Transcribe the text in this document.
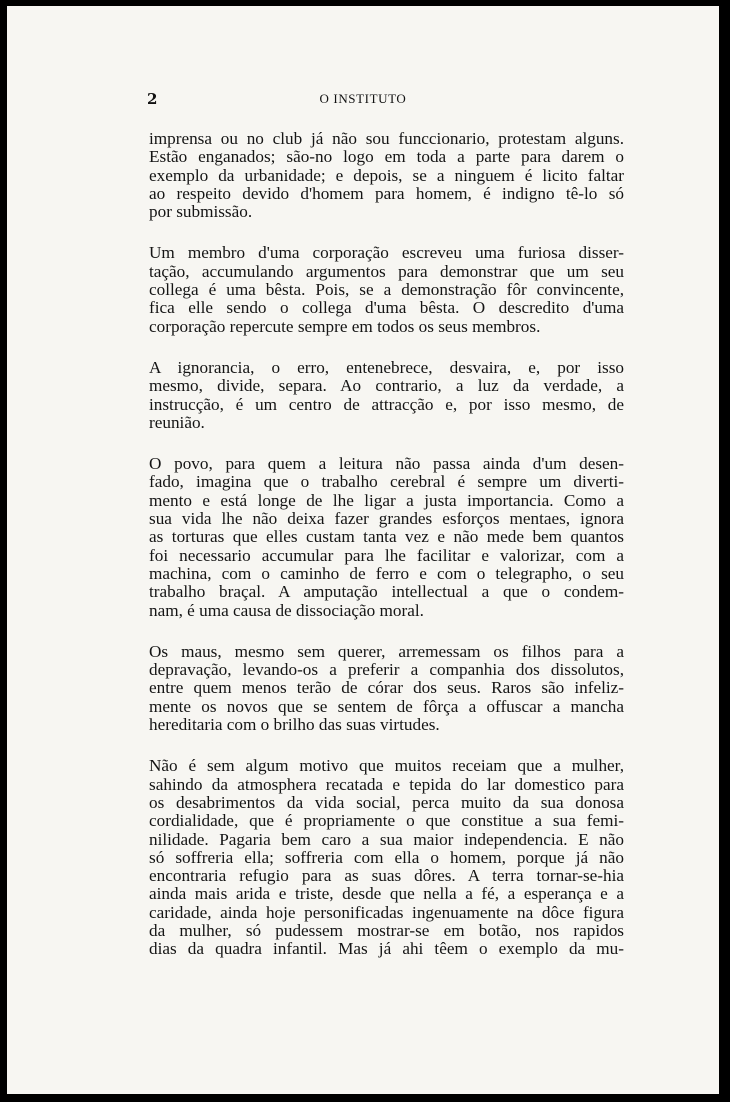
2	O INSTITUTO

imprensa ou no club já não sou funccionario, protestam alguns.
Estão enganados; são-no logo em toda a parte para darem o
exemplo da urbanidade; e depois, se a ninguem é licito faltar
ao respeito devido d'homem para homem, é indigno tê-lo só
por submissão.
Um membro d'uma corporação escreveu uma furiosa disser-
tação, accumulando argumentos para demonstrar que um seu
collega é uma bêsta. Pois, se a demonstração fôr convincente,
fica elle sendo o collega d'uma bêsta. O descredito d'uma
corporação repercute sempre em todos os seus membros.
A ignorancia, o erro, entenebrece, desvaira, e, por isso
mesmo, divide, separa. Ao contrario, a luz da verdade, a
instrucção, é um centro de attracção e, por isso mesmo, de
reunião.
O povo, para quem a leitura não passa ainda d'um desen-
fado, imagina que o trabalho cerebral é sempre um diverti-
mento e está longe de lhe ligar a justa importancia. Como a
sua vida lhe não deixa fazer grandes esforços mentaes, ignora
as torturas que elles custam tanta vez e não mede bem quantos
foi necessario accumular para lhe facilitar e valorizar, com a
machina, com o caminho de ferro e com o telegrapho, o seu
trabalho braçal. A amputação intellectual a que o condem-
nam, é uma causa de dissociação moral.
Os maus, mesmo sem querer, arremessam os filhos para a
depravação, levando-os a preferir a companhia dos dissolutos,
entre quem menos terão de córar dos seus. Raros são infeliz-
mente os novos que se sentem de fôrça a offuscar a mancha
hereditaria com o brilho das suas virtudes.
Não é sem algum motivo que muitos receiam que a mulher,
sahindo da atmosphera recatada e tepida do lar domestico para
os desabrimentos da vida social, perca muito da sua donosa
cordialidade, que é propriamente o que constitue a sua femi-
nilidade. Pagaria bem caro a sua maior independencia. E não
só soffreria ella; soffreria com ella o homem, porque já não
encontraria refugio para as suas dôres. A terra tornar-se-hia
ainda mais arida e triste, desde que nella a fé, a esperança e a
caridade, ainda hoje personificadas ingenuamente na dôce figura
da mulher, só pudessem mostrar-se em botão, nos rapidos
dias da quadra infantil. Mas já ahi têem o exemplo da mu-
